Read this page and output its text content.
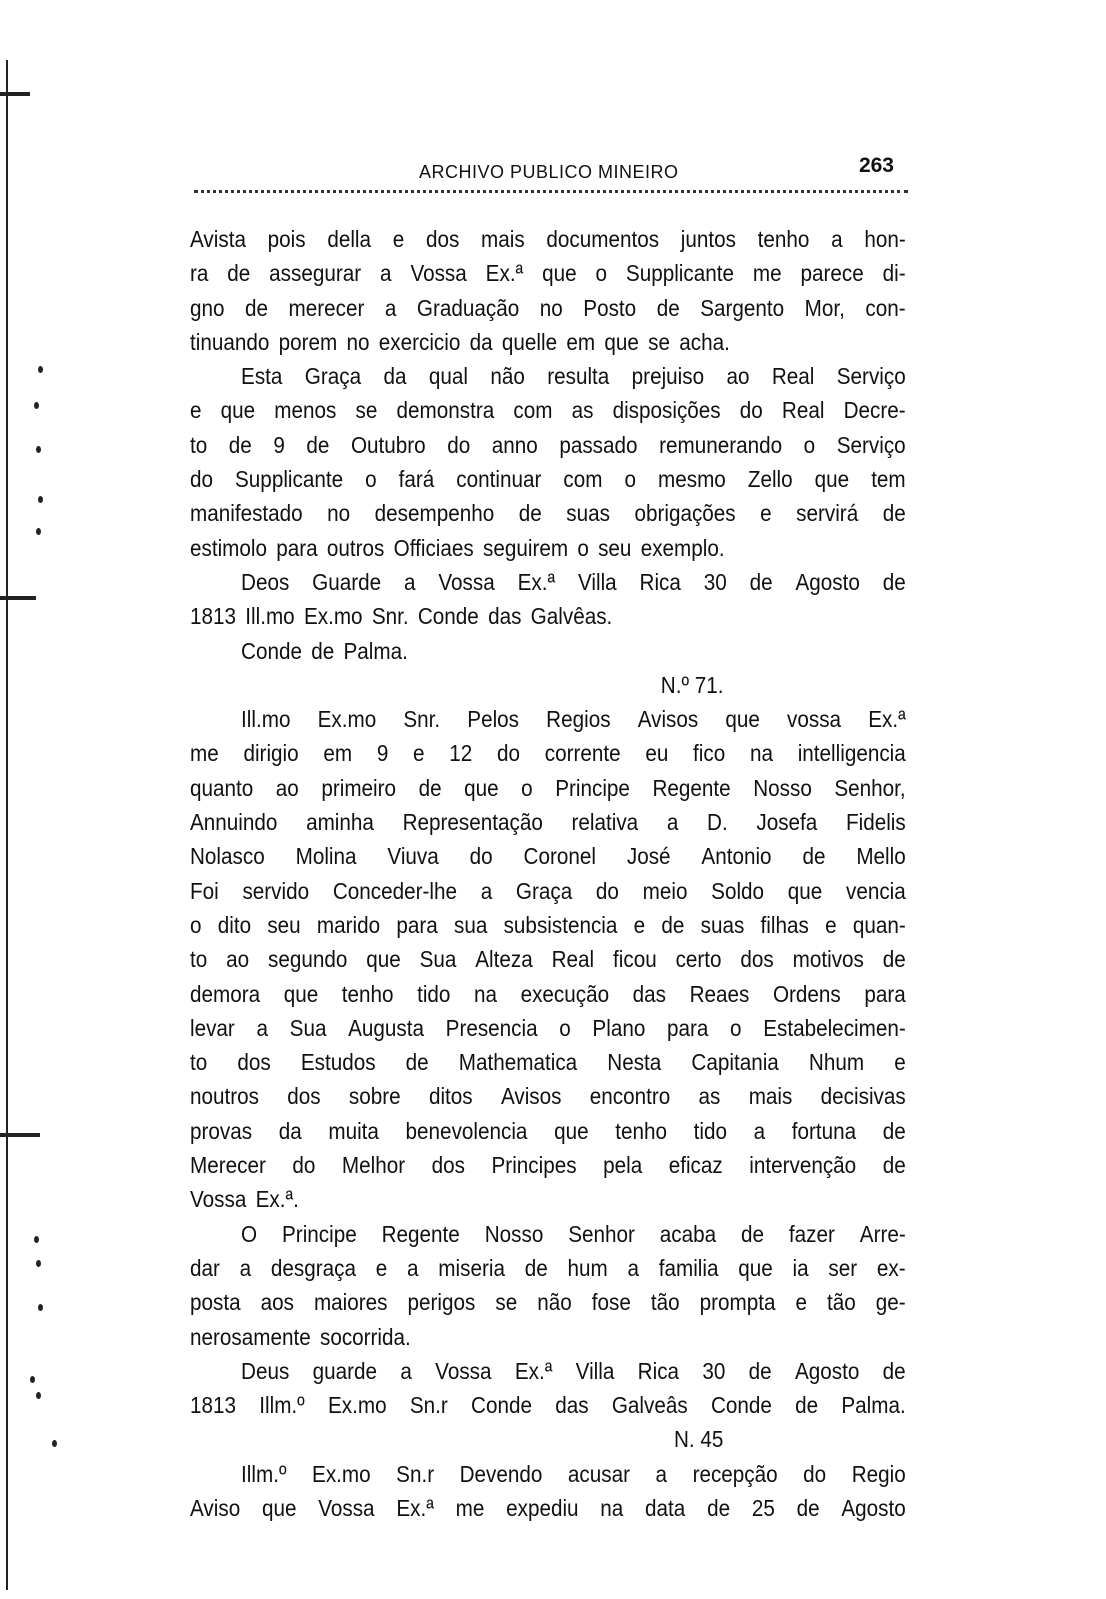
ARCHIVO PUBLICO MINEIRO	263
Avista pois della e dos mais documentos juntos tenho a hon-
ra de assegurar a Vossa Ex.ª que o Supplicante me parece di-
gno de merecer a Graduação no Posto de Sargento Mor, con-
tinuando porem no exercicio da quelle em que se acha.
Esta Graça da qual não resulta prejuiso ao Real Serviço
e que menos se demonstra com as disposições do Real Decre-
to de 9 de Outubro do anno passado remunerando o Serviço
do Supplicante o fará continuar com o mesmo Zello que tem
manifestado no desempenho de suas obrigações e servirá de
estimolo para outros Officiaes seguirem o seu exemplo.
Deos Guarde a Vossa Ex.ª Villa Rica 30 de Agosto de
1813 Ill.mo Ex.mo Snr. Conde das Galvêas.
Conde de Palma.
N.º 71.
Ill.mo Ex.mo Snr. Pelos Regios Avisos que vossa Ex.ª
me dirigio em 9 e 12 do corrente eu fico na intelligencia
quanto ao primeiro de que o Principe Regente Nosso Senhor,
Annuindo aminha Representação relativa a D. Josefa Fidelis
Nolasco Molina Viuva do Coronel José Antonio de Mello
Foi servido Conceder-lhe a Graça do meio Soldo que vencia
o dito seu marido para sua subsistencia e de suas filhas e quan-
to ao segundo que Sua Alteza Real ficou certo dos motivos de
demora que tenho tido na execução das Reaes Ordens para
levar a Sua Augusta Presencia o Plano para o Estabelecimen-
to dos Estudos de Mathematica Nesta Capitania Nhum e
noutros dos sobre ditos Avisos encontro as mais decisivas
provas da muita benevolencia que tenho tido a fortuna de
Merecer do Melhor dos Principes pela eficaz intervenção de
Vossa Ex.ª.
O Principe Regente Nosso Senhor acaba de fazer Arre-
dar a desgraça e a miseria de hum a familia que ia ser ex-
posta aos maiores perigos se não fose tão prompta e tão ge-
nerosamente socorrida.
Deus guarde a Vossa Ex.ª Villa Rica 30 de Agosto de
1813 Illm.º Ex.mo Sn.r Conde das Galveâs Conde de Palma.
N. 45
Illm.º Ex.mo Sn.r Devendo acusar a recepção do Regio
Aviso que Vossa Ex.ª me expediu na data de 25 de Agosto
